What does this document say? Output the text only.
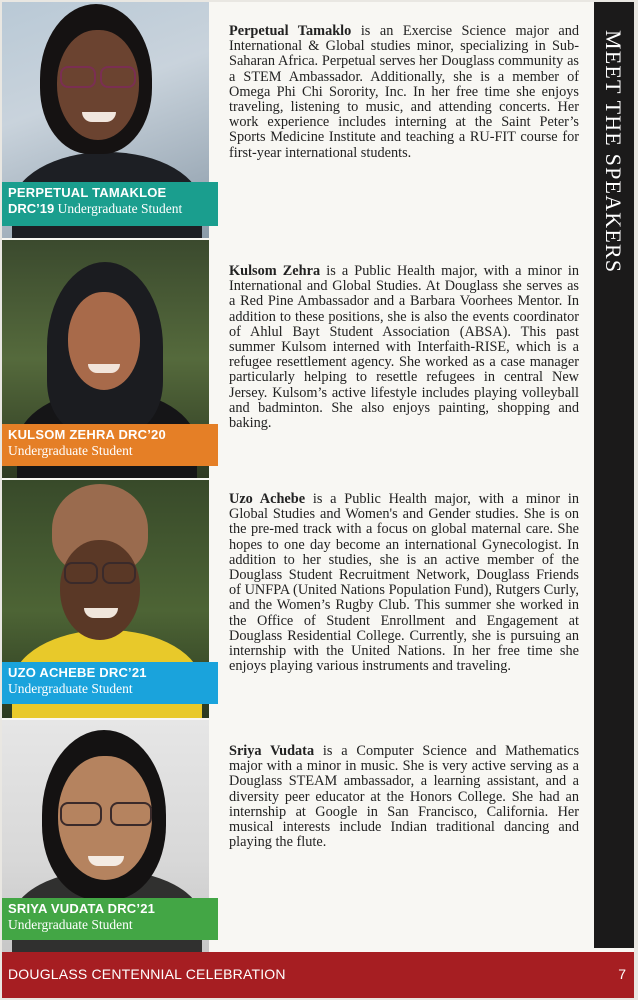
PERPETUAL TAMAKLOE
DRC’19 Undergraduate Student
KULSOM ZEHRA DRC’20
Undergraduate Student
UZO ACHEBE DRC’21
Undergraduate Student
SRIYA VUDATA DRC’21
Undergraduate Student

Perpetual Tamaklo is an Exercise Science major and International & Global studies minor, specializing in Sub-Saharan Africa. Perpetual serves her Douglass community as a STEM Ambassador. Additionally, she is a member of Omega Phi Chi Sorority, Inc. In her free time she enjoys traveling, listening to music, and attending concerts. Her work experience includes interning at the Saint Peter’s Sports Medicine Institute and teaching a RU-FIT course for first-year international students.

Kulsom Zehra is a Public Health major, with a minor in International and Global Studies. At Douglass she serves as a Red Pine Ambassador and a Barbara Voorhees Mentor. In addition to these positions, she is also the events coordinator of Ahlul Bayt Student Association (ABSA). This past summer Kulsom interned with Interfaith-RISE, which is a refugee resettlement agency. She worked as a case manager particularly helping to resettle refugees in central New Jersey. Kulsom’s active lifestyle includes playing volleyball and badminton. She also enjoys painting, shopping and baking.

Uzo Achebe is a Public Health major, with a minor in Global Studies and Women's and Gender studies. She is on the pre-med track with a focus on global maternal care. She hopes to one day become an international Gynecologist. In addition to her studies, she is an active member of the Douglass Student Recruitment Network, Douglass Friends of UNFPA (United Nations Population Fund), Rutgers Curly, and the Women’s Rugby Club. This summer she worked in the Office of Student Enrollment and Engagement at Douglass Residential College. Currently, she is pursuing an internship with the United Nations. In her free time she enjoys playing various instruments and traveling.

Sriya Vudata is a Computer Science and Mathematics major with a minor in music. She is very active serving as a Douglass STEAM ambassador, a learning assistant, and a diversity peer educator at the Honors College. She had an internship at Google in San Francisco, California. Her musical interests include Indian traditional dancing and playing the flute.

MEET THE SPEAKERS
DOUGLASS CENTENNIAL CELEBRATION	7
